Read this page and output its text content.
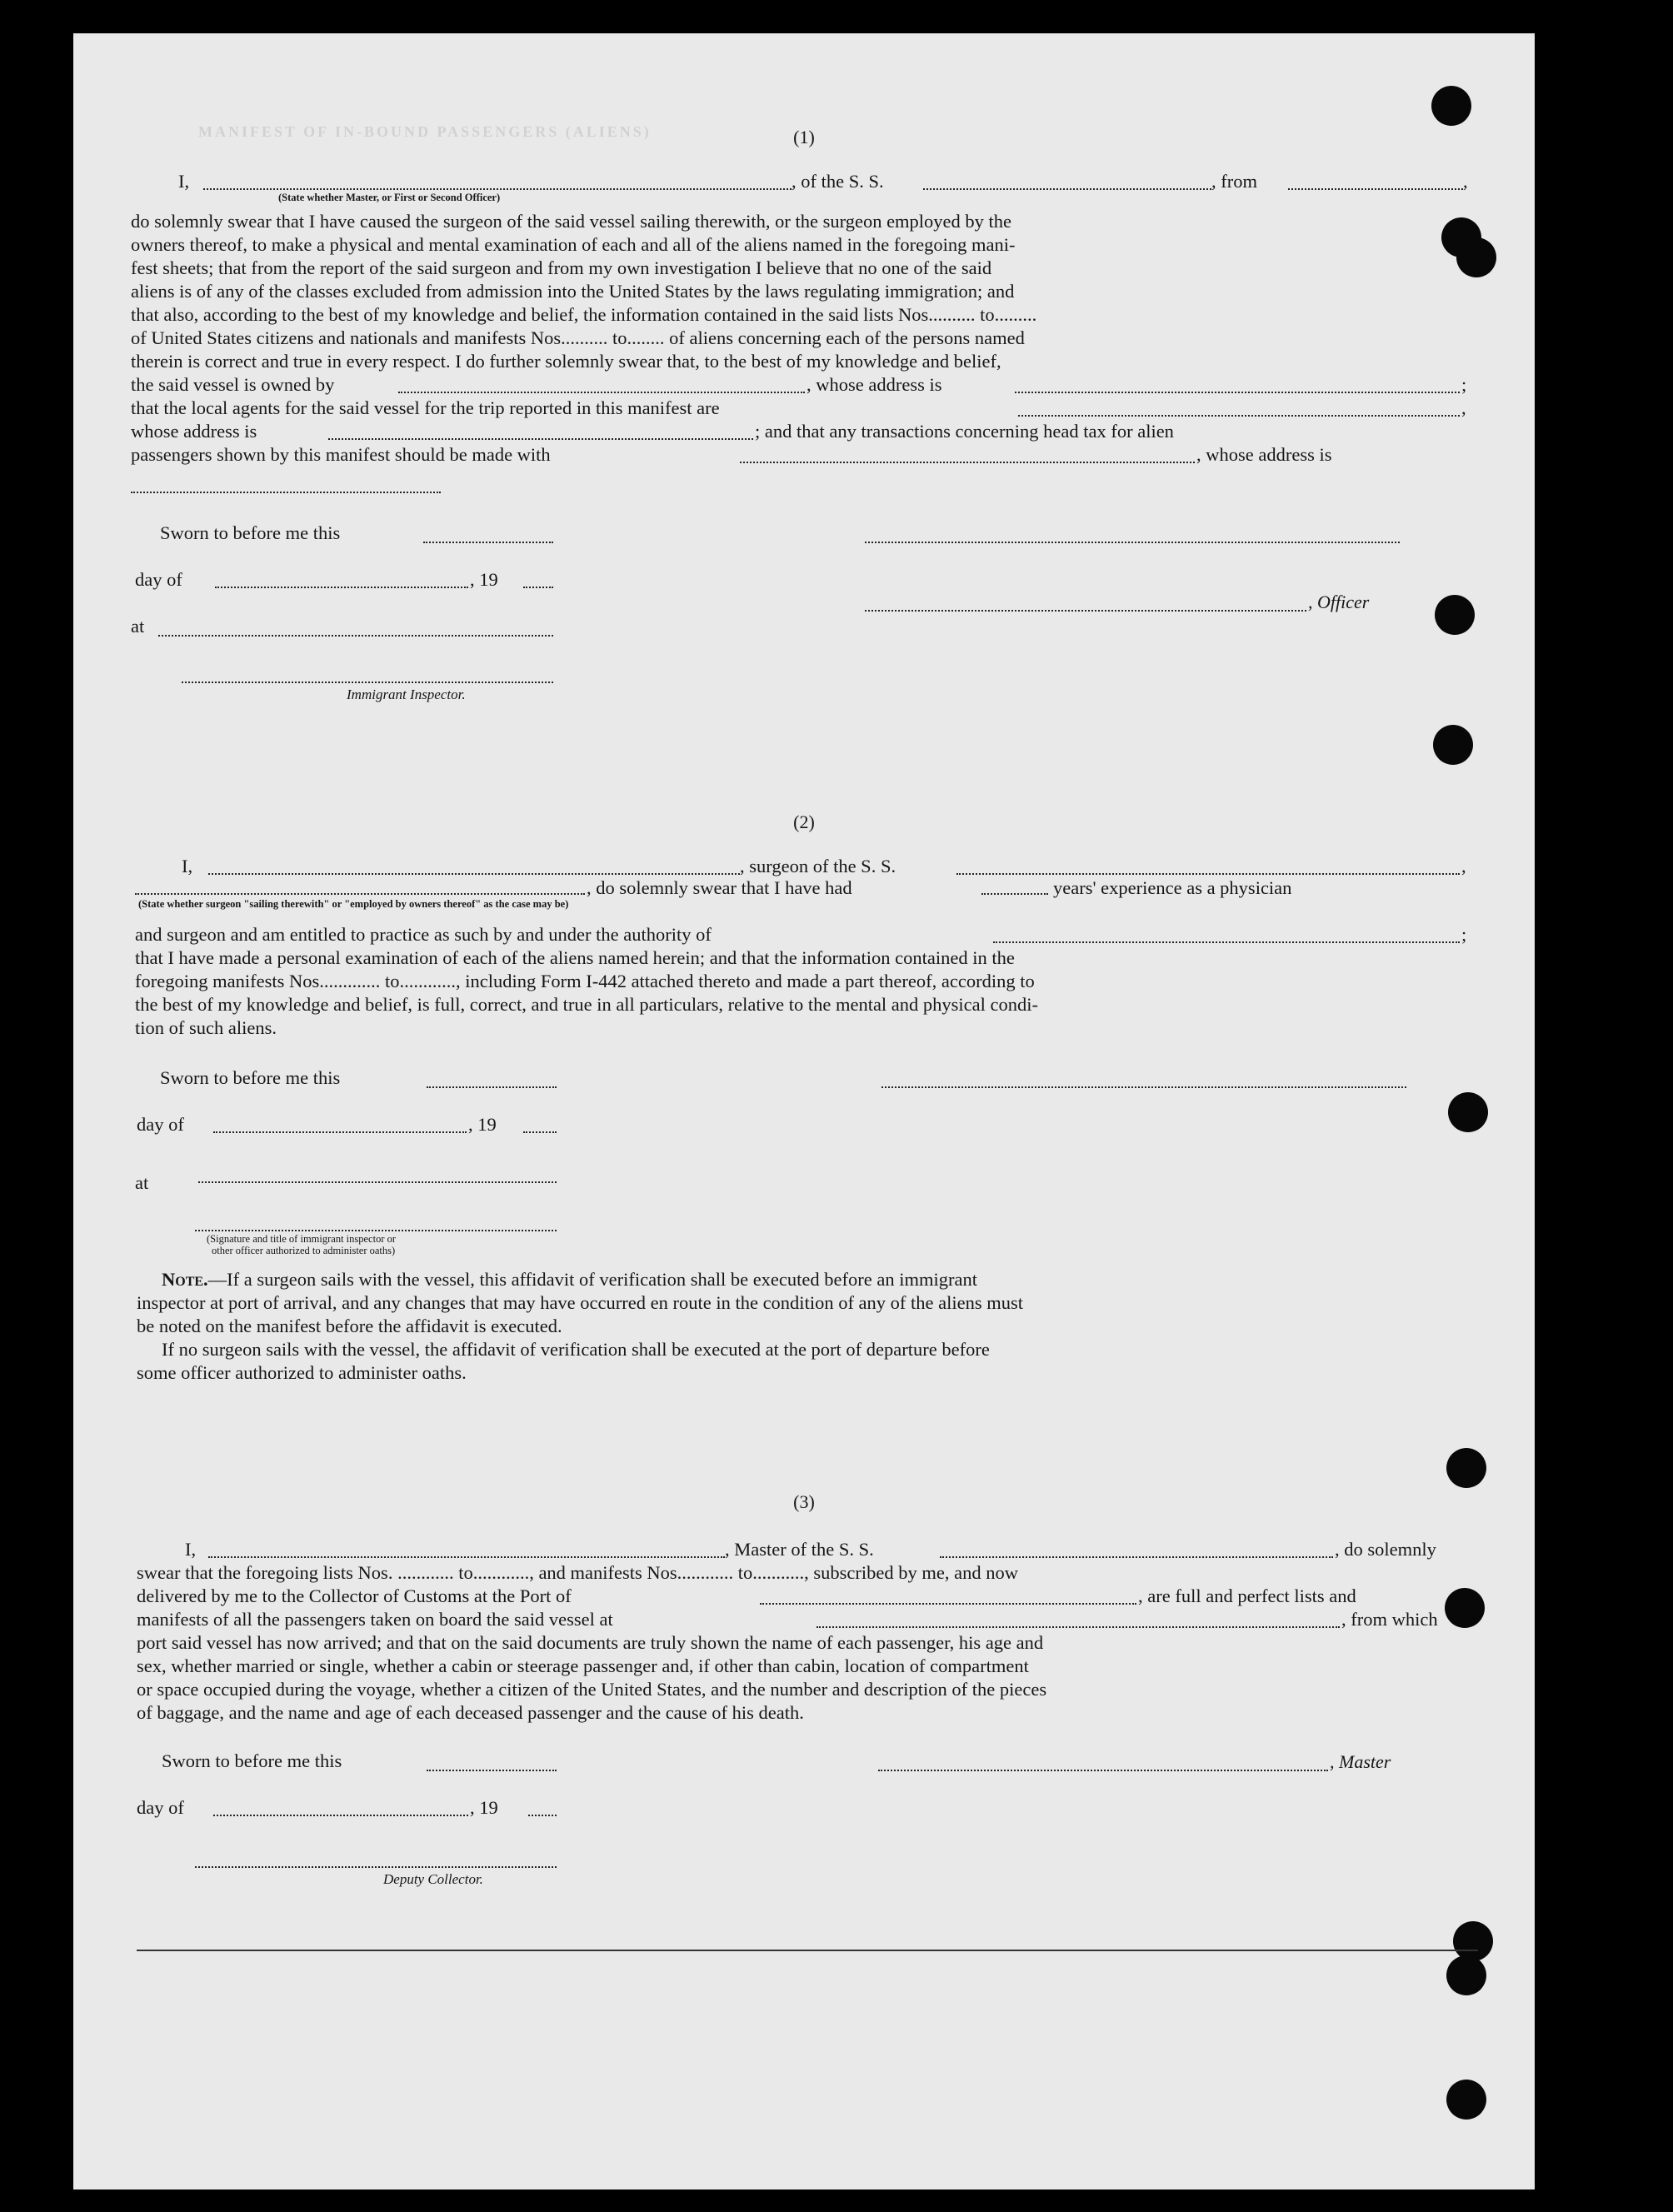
MANIFEST OF IN-BOUND PASSENGERS (ALIENS)	(1)
I,	, of the S. S.	, from	,
(State whether Master, or First or Second Officer)
do solemnly swear that I have caused the surgeon of the said vessel sailing therewith, or the surgeon employed by the
owners thereof, to make a physical and mental examination of each and all of the aliens named in the foregoing mani-
fest sheets; that from the report of the said surgeon and from my own investigation I believe that no one of the said
aliens is of any of the classes excluded from admission into the United States by the laws regulating immigration; and
that also, according to the best of my knowledge and belief, the information contained in the said lists Nos.......... to.........
of United States citizens and nationals and manifests Nos.......... to........ of aliens concerning each of the persons named
therein is correct and true in every respect. I do further solemnly swear that, to the best of my knowledge and belief,
the said vessel is owned by	, whose address is	;
that the local agents for the said vessel for the trip reported in this manifest are	,
whose address is	; and that any transactions concerning head tax for alien
passengers shown by this manifest should be made with	, whose address is
Sworn to before me this
day of	, 19
, Officer
at
Immigrant Inspector.
(2)
I,	, surgeon of the S. S.	,
, do solemnly swear that I have had	years' experience as a physician
(State whether surgeon "sailing therewith" or "employed by owners thereof" as the case may be)
and surgeon and am entitled to practice as such by and under the authority of	;
that I have made a personal examination of each of the aliens named herein; and that the information contained in the
foregoing manifests Nos............. to............, including Form I-442 attached thereto and made a part thereof, according to
the best of my knowledge and belief, is full, correct, and true in all particulars, relative to the mental and physical condi-
tion of such aliens.
Sworn to before me this
day of	, 19
at
(Signature and title of immigrant inspector or
other officer authorized to administer oaths)
Note.—If a surgeon sails with the vessel, this affidavit of verification shall be executed before an immigrant
inspector at port of arrival, and any changes that may have occurred en route in the condition of any of the aliens must
be noted on the manifest before the affidavit is executed.
If no surgeon sails with the vessel, the affidavit of verification shall be executed at the port of departure before
some officer authorized to administer oaths.
(3)
I,	, Master of the S. S.	, do solemnly
swear that the foregoing lists Nos. ............ to............, and manifests Nos............ to..........., subscribed by me, and now
delivered by me to the Collector of Customs at the Port of	, are full and perfect lists and
manifests of all the passengers taken on board the said vessel at	, from which
port said vessel has now arrived; and that on the said documents are truly shown the name of each passenger, his age and
sex, whether married or single, whether a cabin or steerage passenger and, if other than cabin, location of compartment
or space occupied during the voyage, whether a citizen of the United States, and the number and description of the pieces
of baggage, and the name and age of each deceased passenger and the cause of his death.
Sworn to before me this	, Master
day of	, 19
Deputy Collector.
